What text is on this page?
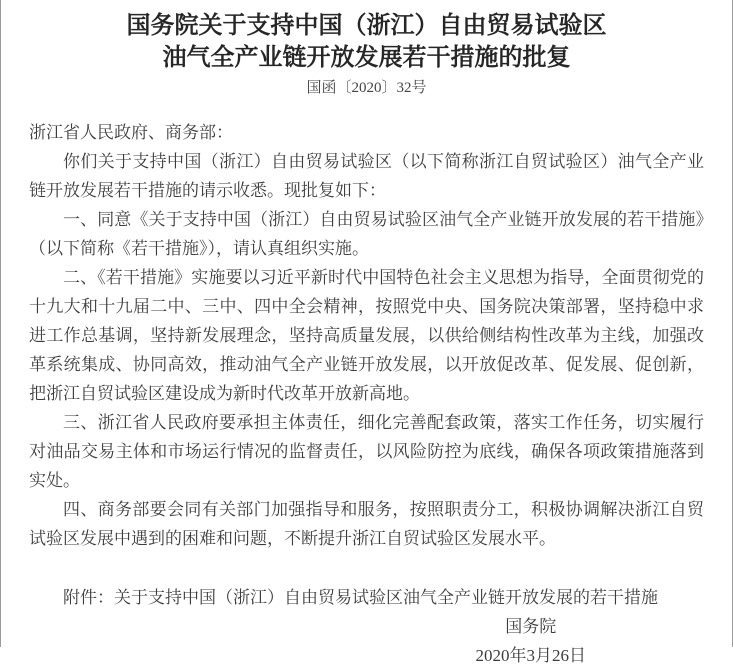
国务院关于支持中国（浙江）自由贸易试验区
油气全产业链开放发展若干措施的批复

国函〔2020〕32号

浙江省人民政府、商务部：

你们关于支持中国（浙江）自由贸易试验区（以下简称浙江自贸试验区）油气全产业链开放发展若干措施的请示收悉。现批复如下：

一、同意《关于支持中国（浙江）自由贸易试验区油气全产业链开放发展的若干措施》（以下简称《若干措施》），请认真组织实施。

二、《若干措施》实施要以习近平新时代中国特色社会主义思想为指导，全面贯彻党的十九大和十九届二中、三中、四中全会精神，按照党中央、国务院决策部署，坚持稳中求进工作总基调，坚持新发展理念，坚持高质量发展，以供给侧结构性改革为主线，加强改革系统集成、协同高效，推动油气全产业链开放发展，以开放促改革、促发展、促创新，把浙江自贸试验区建设成为新时代改革开放新高地。

三、浙江省人民政府要承担主体责任，细化完善配套政策，落实工作任务，切实履行对油品交易主体和市场运行情况的监督责任，以风险防控为底线，确保各项政策措施落到实处。

四、商务部要会同有关部门加强指导和服务，按照职责分工，积极协调解决浙江自贸试验区发展中遇到的困难和问题，不断提升浙江自贸试验区发展水平。

附件：关于支持中国（浙江）自由贸易试验区油气全产业链开放发展的若干措施

国务院

2020年3月26日
